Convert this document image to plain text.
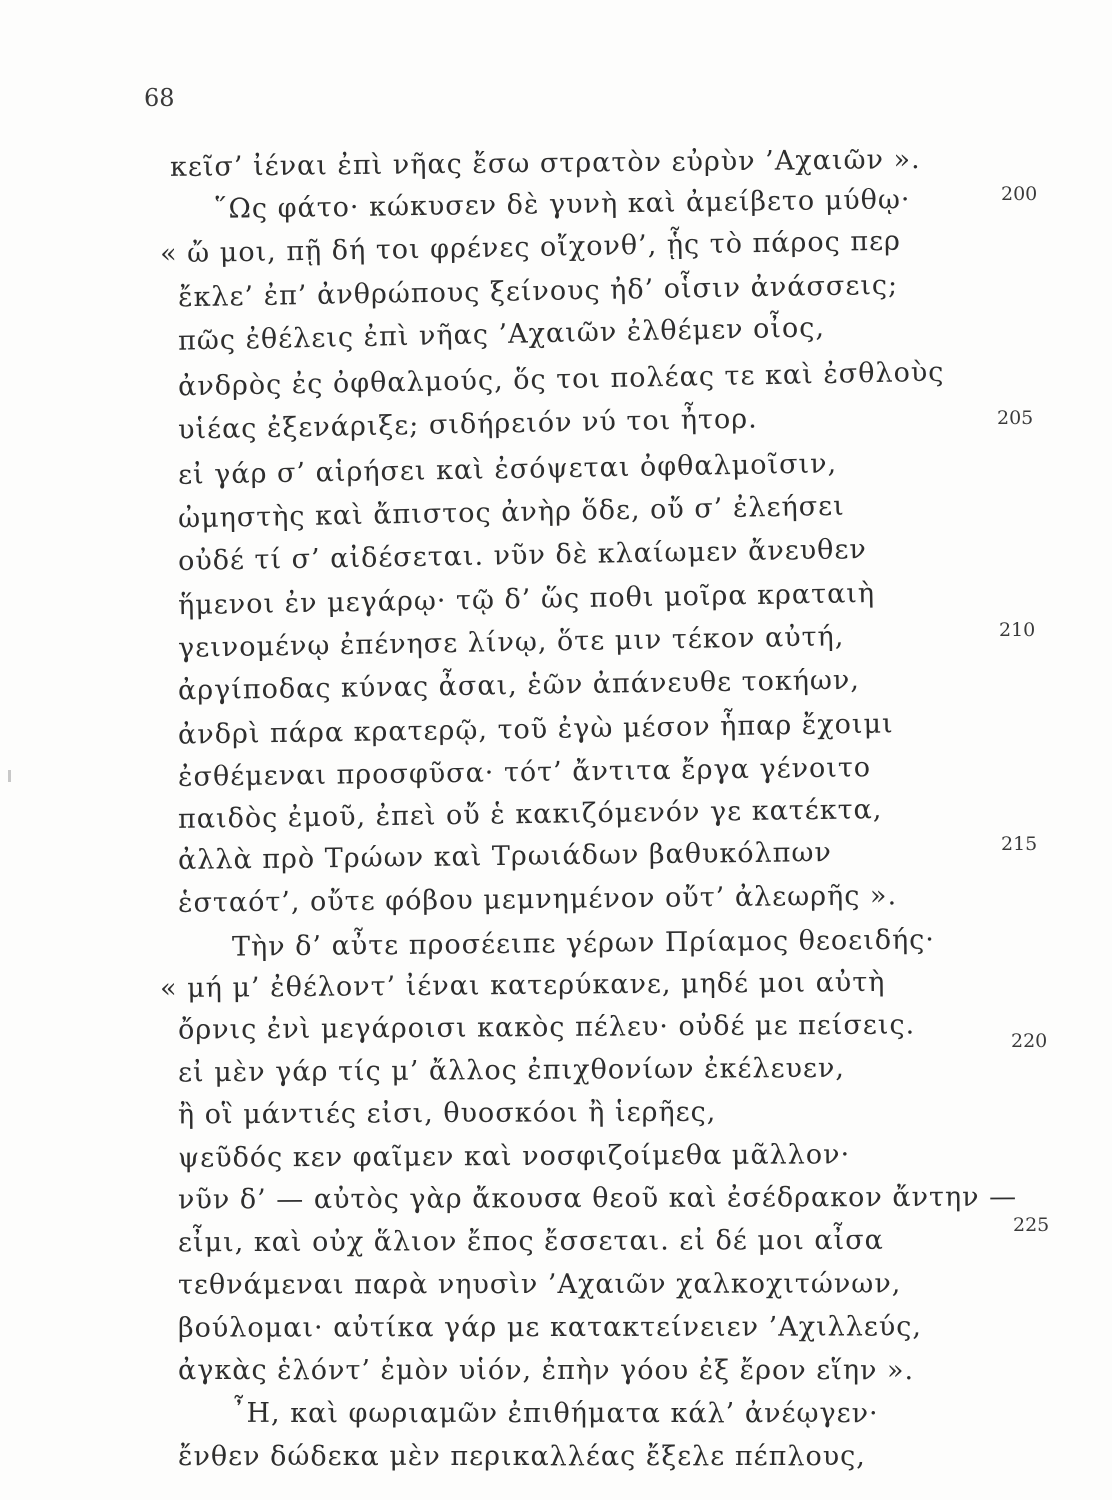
68
κεῖσ’ ἰέναι ἐπὶ νῆας ἔσω στρατὸν εὐρὺν ’Αχαιῶν ».
῞Ως φάτο· κώκυσεν δὲ γυνὴ καὶ ἀμείβετο μύθῳ·
« ὤ μοι, πῇ δή τοι φρένες οἴχονθ’, ᾗς τὸ πάρος περ
ἔκλε’ ἐπ’ ἀνθρώπους ξείνους ἠδ’ οἷσιν ἀνάσσεις;
πῶς ἐθέλεις ἐπὶ νῆας ’Αχαιῶν ἐλθέμεν οἶος,
ἀνδρὸς ἐς ὀφθαλμούς, ὅς τοι πολέας τε καὶ ἐσθλοὺς
υἱέας ἐξενάριξε; σιδήρειόν νύ τοι ἦτορ.
εἰ γάρ σ’ αἱρήσει καὶ ἐσόψεται ὀφθαλμοῖσιν,
ὠμηστὴς καὶ ἄπιστος ἀνὴρ ὅδε, οὔ σ’ ἐλεήσει
οὐδέ τί σ’ αἰδέσεται. νῦν δὲ κλαίωμεν ἄνευθεν
ἥμενοι ἐν μεγάρῳ· τῷ δ’ ὥς ποθι μοῖρα κραταιὴ
γεινομένῳ ἐπένησε λίνῳ, ὅτε μιν τέκον αὐτή,
ἀργίποδας κύνας ἆσαι, ἑῶν ἀπάνευθε τοκήων,
ἀνδρὶ πάρα κρατερῷ, τοῦ ἐγὼ μέσον ἧπαρ ἔχοιμι
ἐσθέμεναι προσφῦσα· τότ’ ἄντιτα ἔργα γένοιτο
παιδὸς ἐμοῦ, ἐπεὶ οὔ ἑ κακιζόμενόν γε κατέκτα,
ἀλλὰ πρὸ Τρώων καὶ Τρωιάδων βαθυκόλπων
ἑσταότ’, οὔτε φόβου μεμνημένον οὔτ’ ἀλεωρῆς ».
Τὴν δ’ αὖτε προσέειπε γέρων Πρίαμος θεοειδής·
« μή μ’ ἐθέλοντ’ ἰέναι κατερύκανε, μηδέ μοι αὐτὴ
ὄρνις ἐνὶ μεγάροισι κακὸς πέλευ· οὐδέ με πείσεις.
εἰ μὲν γάρ τίς μ’ ἄλλος ἐπιχθονίων ἐκέλευεν,
ἢ οἳ μάντιές εἰσι, θυοσκόοι ἢ ἱερῆες,
ψεῦδός κεν φαῖμεν καὶ νοσφιζοίμεθα μᾶλλον·
νῦν δ’ — αὐτὸς γὰρ ἄκουσα θεοῦ καὶ ἐσέδρακον ἄντην —
εἶμι, καὶ οὐχ ἅλιον ἔπος ἔσσεται. εἰ δέ μοι αἶσα
τεθνάμεναι παρὰ νηυσὶν ’Αχαιῶν χαλκοχιτώνων,
βούλομαι· αὐτίκα γάρ με κατακτείνειεν ’Αχιλλεύς,
ἀγκὰς ἑλόντ’ ἐμὸν υἱόν, ἐπὴν γόου ἐξ ἔρον εἵην ».
῏Η, καὶ φωριαμῶν ἐπιθήματα κάλ’ ἀνέῳγεν·
ἔνθεν δώδεκα μὲν περικαλλέας ἔξελε πέπλους,
200
205
210
215
220
225
